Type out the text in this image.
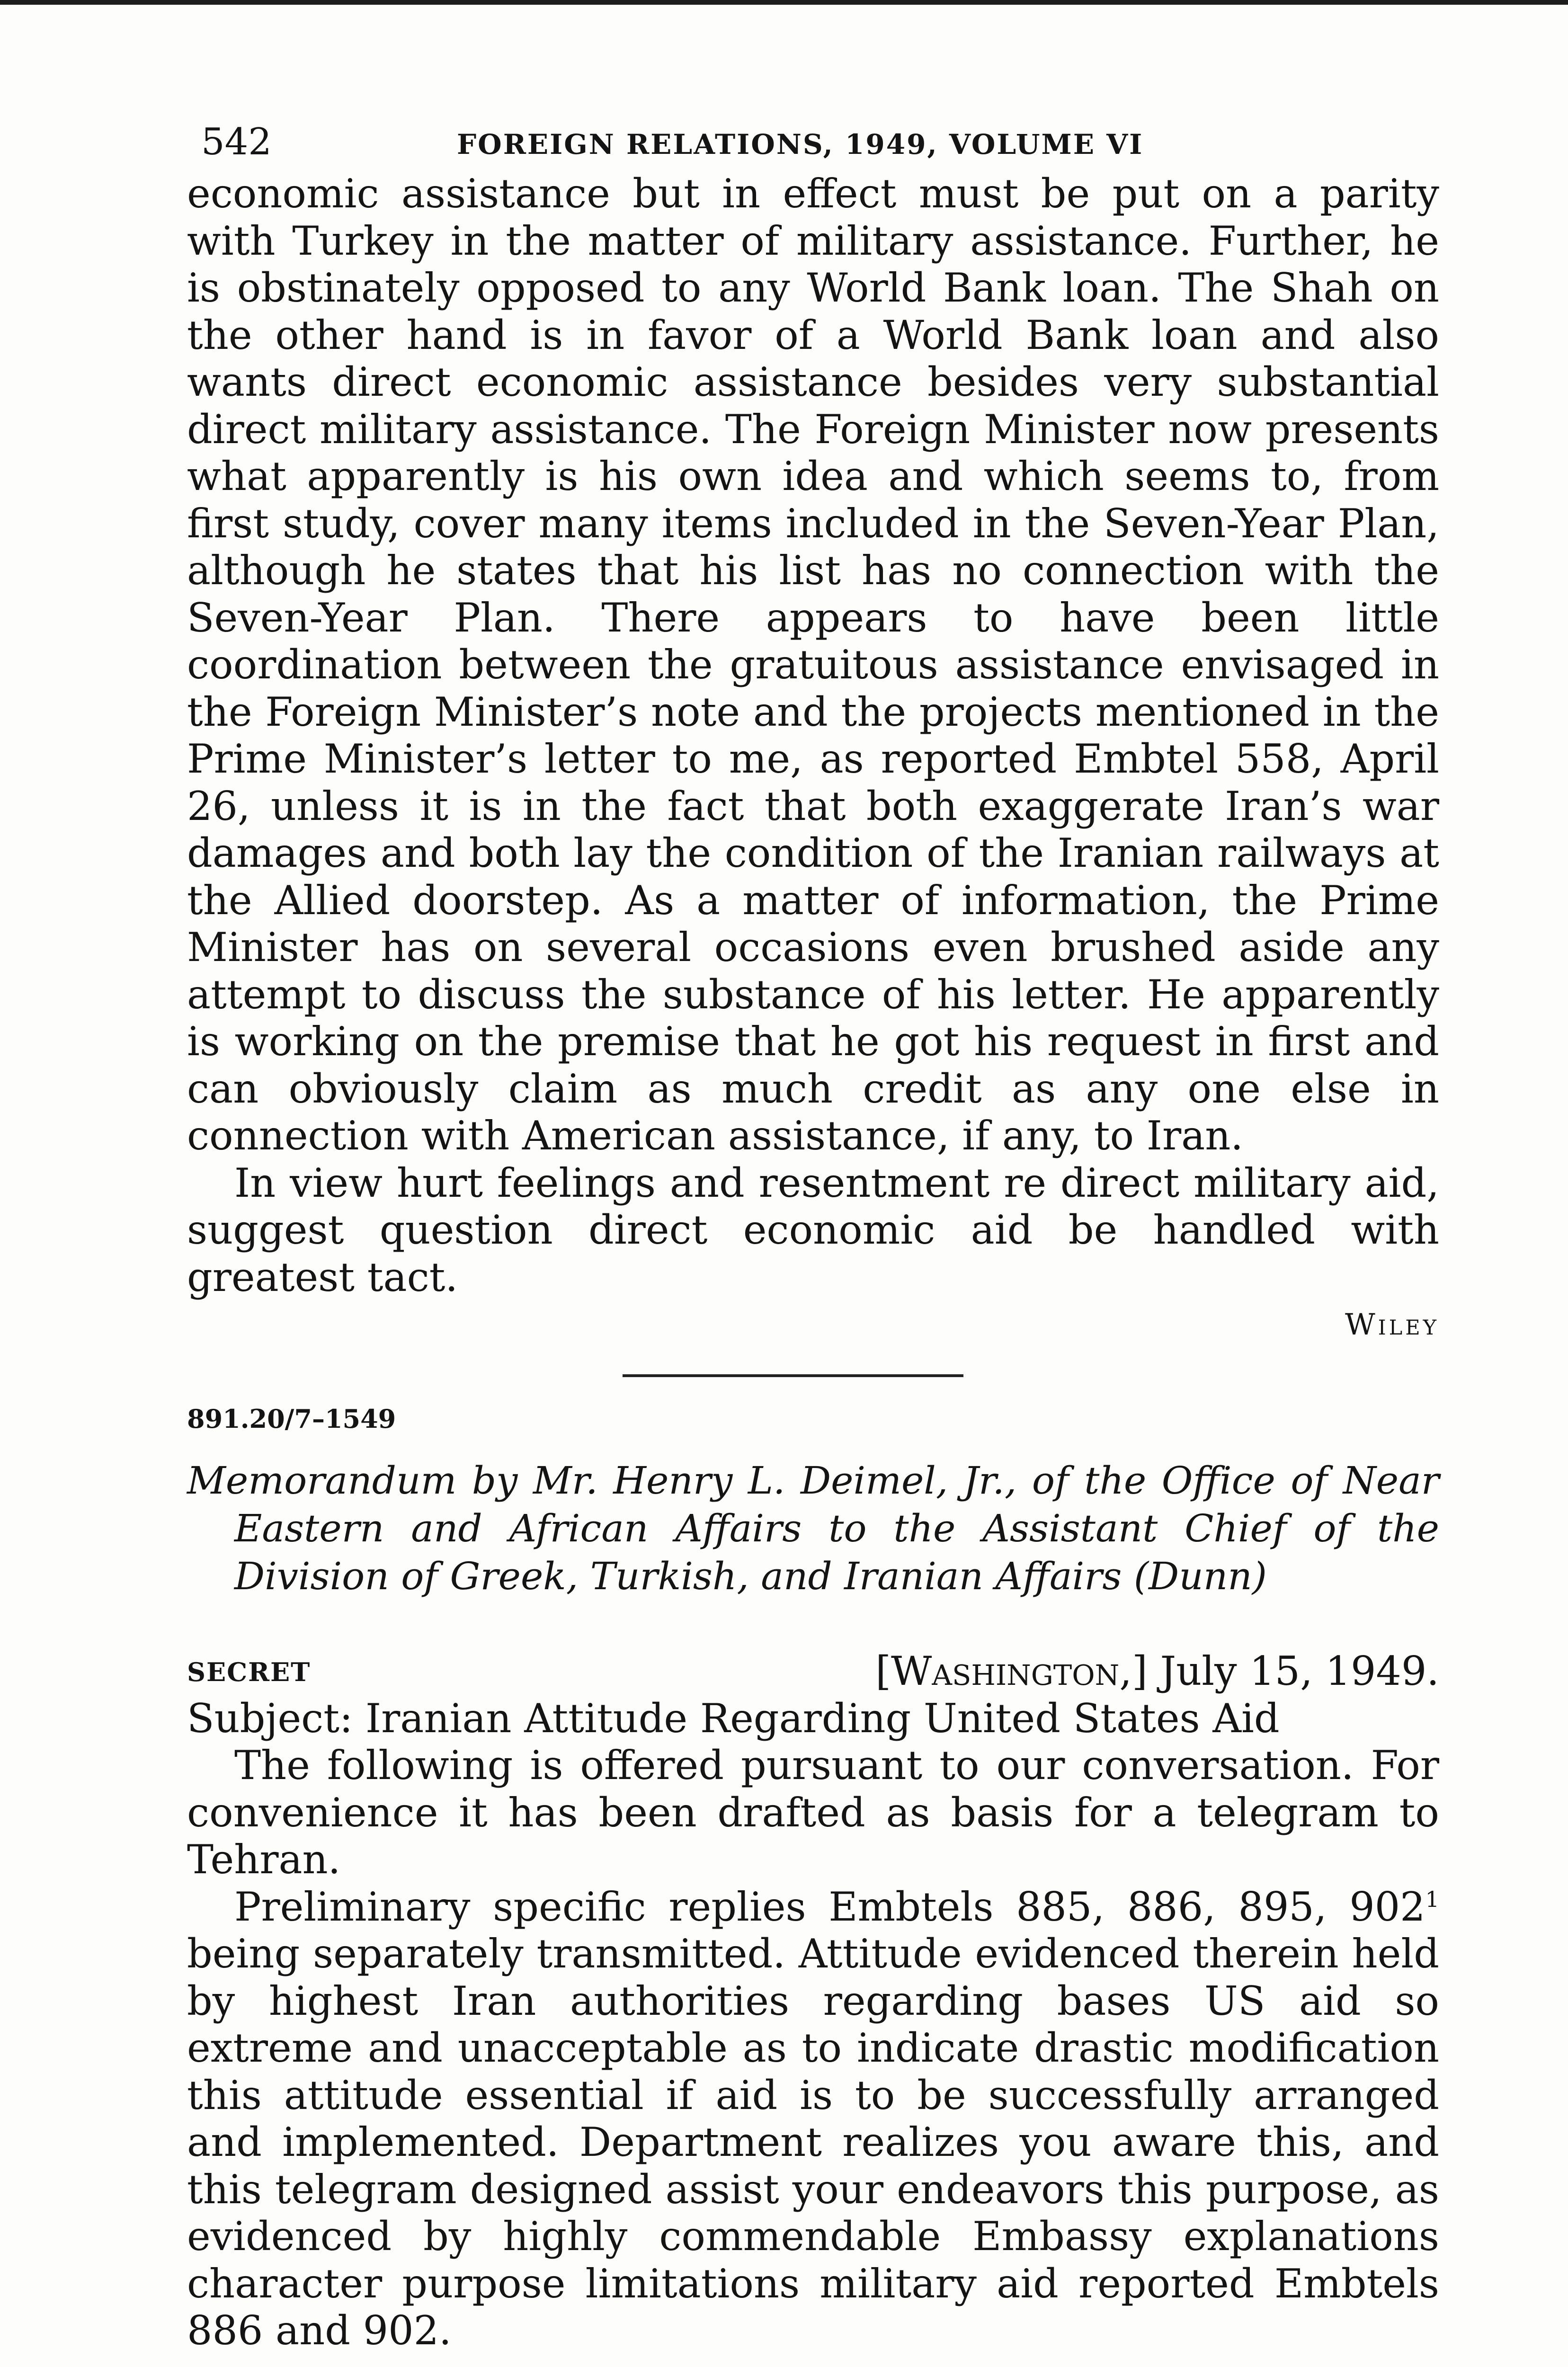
542	FOREIGN RELATIONS, 1949, VOLUME VI

economic assistance but in effect must be put on a parity with Turkey in the matter of military assistance. Further, he is obstinately opposed to any World Bank loan. The Shah on the other hand is in favor of a World Bank loan and also wants direct economic assistance besides very substantial direct military assistance. The Foreign Minister now presents what apparently is his own idea and which seems to, from first study, cover many items included in the Seven-Year Plan, although he states that his list has no connection with the Seven-Year Plan. There appears to have been little coordination between the gratuitous assistance envisaged in the Foreign Minister’s note and the projects mentioned in the Prime Minister’s letter to me, as reported Embtel 558, April 26, unless it is in the fact that both exaggerate Iran’s war damages and both lay the condition of the Iranian railways at the Allied doorstep. As a matter of information, the Prime Minister has on several occasions even brushed aside any attempt to discuss the substance of his letter. He apparently is working on the premise that he got his request in first and can obviously claim as much credit as any one else in connection with American assistance, if any, to Iran.

In view hurt feelings and resentment re direct military aid, suggest question direct economic aid be handled with greatest tact.

Wiley
891.20/7–1549
Memorandum by Mr. Henry L. Deimel, Jr., of the Office of Near Eastern and African Affairs to the Assistant Chief of the Division of Greek, Turkish, and Iranian Affairs (Dunn)
SECRET	[Washington,] July 15, 1949.
Subject: Iranian Attitude Regarding United States Aid

The following is offered pursuant to our conversation. For convenience it has been drafted as basis for a telegram to Tehran.

Preliminary specific replies Embtels 885, 886, 895, $902^1$ being separately transmitted. Attitude evidenced therein held by highest Iran authorities regarding bases US aid so extreme and unacceptable as to indicate drastic modification this attitude essential if aid is to be successfully arranged and implemented. Department realizes you aware this, and this telegram designed assist your endeavors this purpose, as evidenced by highly commendable Embassy explanations character purpose limitations military aid reported Embtels 886 and 902.
